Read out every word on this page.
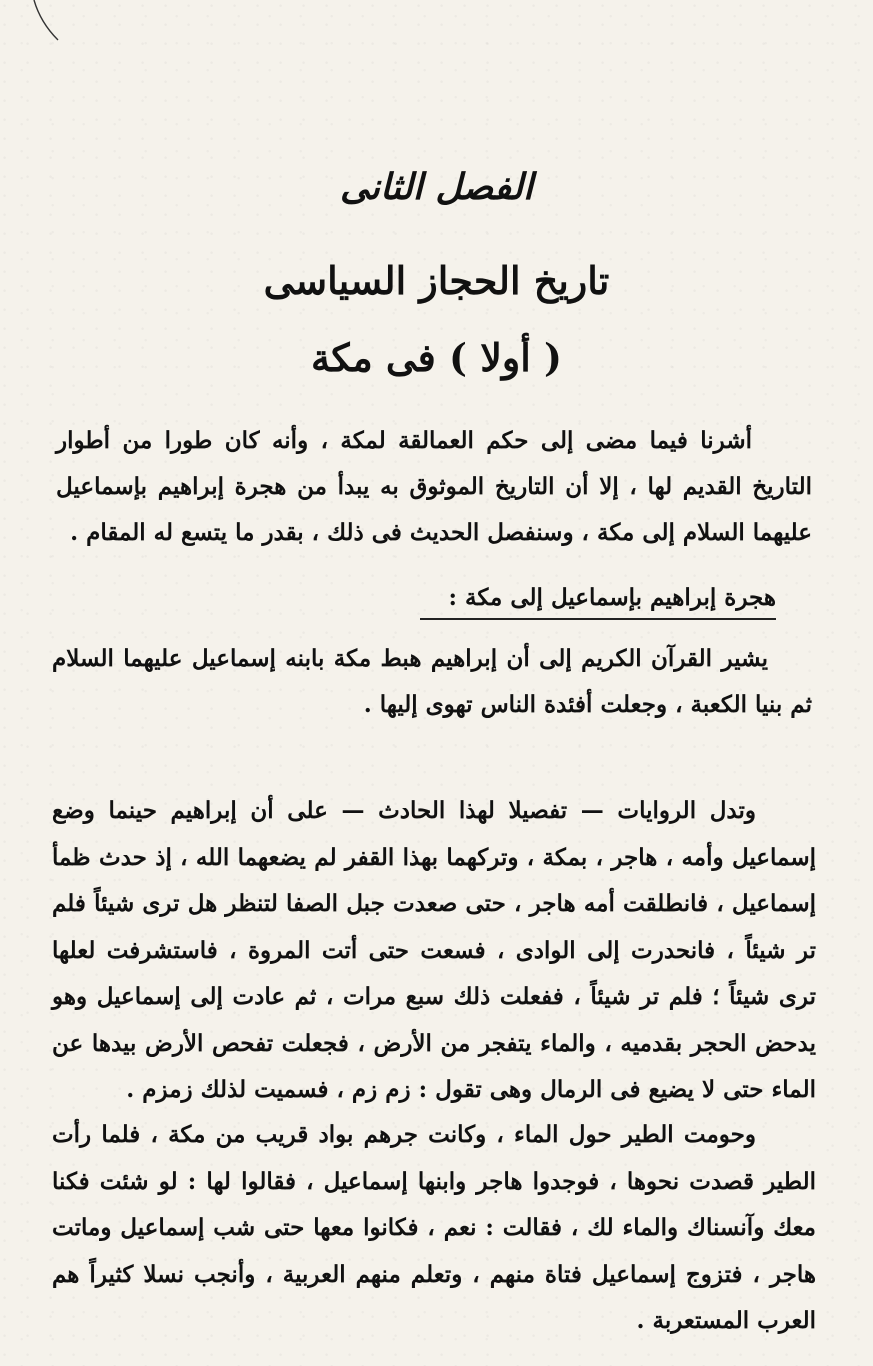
الفصل الثانى
تاريخ الحجاز السياسى
( أولا ) فى مكة

أشرنا فيما مضى إلى حكم العمالقة لمكة ، وأنه كان طورا من أطوار التاريخ القديم لها ، إلا أن التاريخ الموثوق به يبدأ من هجرة إبراهيم بإسماعيل عليهما السلام إلى مكة ، وسنفصل الحديث فى ذلك ، بقدر ما يتسع له المقام .

هجرة إبراهيم بإسماعيل إلى مكة :

يشير القرآن الكريم إلى أن إبراهيم هبط مكة بابنه إسماعيل عليهما السلام ثم بنيا الكعبة ، وجعلت أفئدة الناس تهوى إليها .

وتدل الروايات — تفصيلا لهذا الحادث — على أن إبراهيم حينما وضع إسماعيل وأمه ، هاجر ، بمكة ، وتركهما بهذا القفر لم يضعهما الله ، إذ حدث ظمأ إسماعيل ، فانطلقت أمه هاجر ، حتى صعدت جبل الصفا لتنظر هل ترى شيئاً فلم تر شيئاً ، فانحدرت إلى الوادى ، فسعت حتى أتت المروة ، فاستشرفت لعلها ترى شيئاً ؛ فلم تر شيئاً ، ففعلت ذلك سبع مرات ، ثم عادت إلى إسماعيل وهو يدحض الحجر بقدميه ، والماء يتفجر من الأرض ، فجعلت تفحص الأرض بيدها عن الماء حتى لا يضيع فى الرمال وهى تقول : زم زم ، فسميت لذلك زمزم .

وحومت الطير حول الماء ، وكانت جرهم بواد قريب من مكة ، فلما رأت الطير قصدت نحوها ، فوجدوا هاجر وابنها إسماعيل ، فقالوا لها : لو شئت فكنا معك وآنسناك والماء لك ، فقالت : نعم ، فكانوا معها حتى شب إسماعيل وماتت هاجر ، فتزوج إسماعيل فتاة منهم ، وتعلم منهم العربية ، وأنجب نسلا كثيراً هم العرب المستعربة .
